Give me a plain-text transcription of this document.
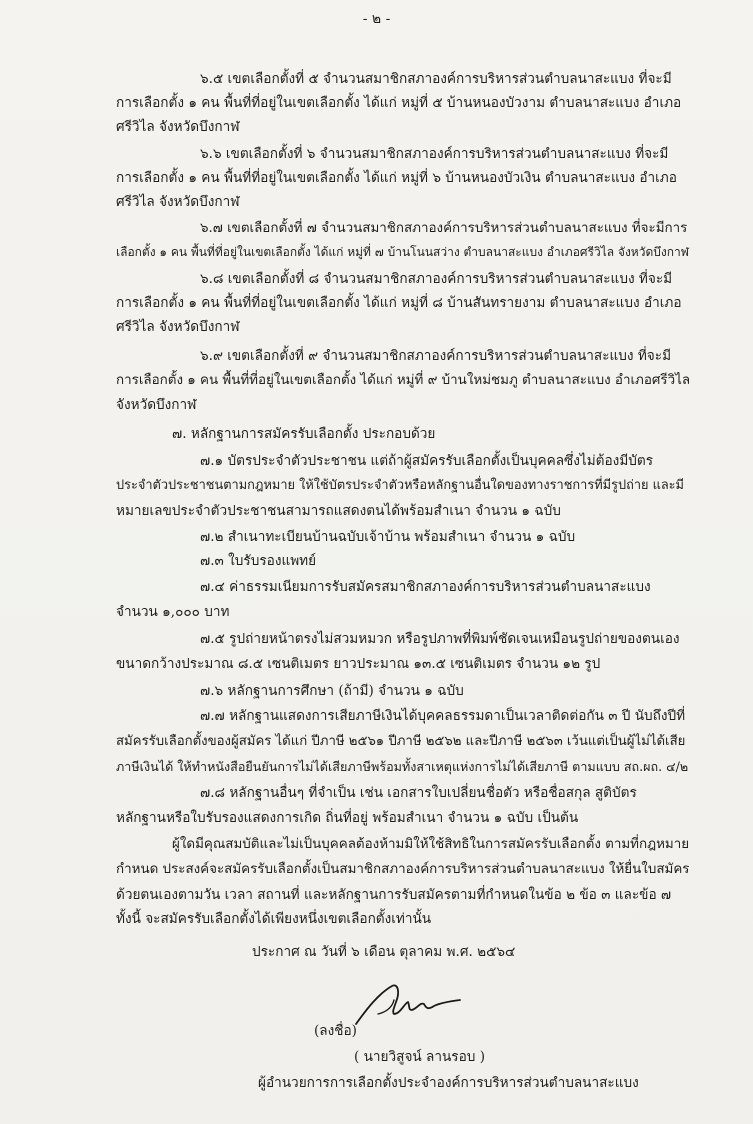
- ๒ -
๖.๕ เขตเลือกตั้งที่ ๕ จำนวนสมาชิกสภาองค์การบริหารส่วนตำบลนาสะแบง ที่จะมี
การเลือกตั้ง ๑ คน พื้นที่ที่อยู่ในเขตเลือกตั้ง ได้แก่ หมู่ที่ ๕ บ้านหนองบัวงาม ตำบลนาสะแบง อำเภอ
ศรีวิไล จังหวัดบึงกาฬ
๖.๖ เขตเลือกตั้งที่ ๖ จำนวนสมาชิกสภาองค์การบริหารส่วนตำบลนาสะแบง ที่จะมี
การเลือกตั้ง ๑ คน พื้นที่ที่อยู่ในเขตเลือกตั้ง ได้แก่ หมู่ที่ ๖ บ้านหนองบัวเงิน ตำบลนาสะแบง อำเภอ
ศรีวิไล จังหวัดบึงกาฬ
๖.๗ เขตเลือกตั้งที่ ๗ จำนวนสมาชิกสภาองค์การบริหารส่วนตำบลนาสะแบง ที่จะมีการ
เลือกตั้ง ๑ คน พื้นที่ที่อยู่ในเขตเลือกตั้ง ได้แก่ หมู่ที่ ๗ บ้านโนนสว่าง ตำบลนาสะแบง อำเภอศรีวิไล จังหวัดบึงกาฬ
๖.๘ เขตเลือกตั้งที่ ๘ จำนวนสมาชิกสภาองค์การบริหารส่วนตำบลนาสะแบง ที่จะมี
การเลือกตั้ง ๑ คน พื้นที่ที่อยู่ในเขตเลือกตั้ง ได้แก่ หมู่ที่ ๘ บ้านสันทรายงาม ตำบลนาสะแบง อำเภอ
ศรีวิไล จังหวัดบึงกาฬ
๖.๙ เขตเลือกตั้งที่ ๙ จำนวนสมาชิกสภาองค์การบริหารส่วนตำบลนาสะแบง ที่จะมี
การเลือกตั้ง ๑ คน พื้นที่ที่อยู่ในเขตเลือกตั้ง ได้แก่ หมู่ที่ ๙ บ้านใหม่ชมภู ตำบลนาสะแบง อำเภอศรีวิไล
จังหวัดบึงกาฬ
๗. หลักฐานการสมัครรับเลือกตั้ง ประกอบด้วย
๗.๑ บัตรประจำตัวประชาชน แต่ถ้าผู้สมัครรับเลือกตั้งเป็นบุคคลซึ่งไม่ต้องมีบัตร
ประจำตัวประชาชนตามกฎหมาย ให้ใช้บัตรประจำตัวหรือหลักฐานอื่นใดของทางราชการที่มีรูปถ่าย และมี
หมายเลขประจำตัวประชาชนสามารถแสดงตนได้พร้อมสำเนา จำนวน ๑ ฉบับ
๗.๒ สำเนาทะเบียนบ้านฉบับเจ้าบ้าน พร้อมสำเนา จำนวน ๑ ฉบับ
๗.๓ ใบรับรองแพทย์
๗.๔ ค่าธรรมเนียมการรับสมัครสมาชิกสภาองค์การบริหารส่วนตำบลนาสะแบง
จำนวน ๑,๐๐๐ บาท
๗.๕ รูปถ่ายหน้าตรงไม่สวมหมวก หรือรูปภาพที่พิมพ์ชัดเจนเหมือนรูปถ่ายของตนเอง
ขนาดกว้างประมาณ ๘.๕ เซนติเมตร ยาวประมาณ ๑๓.๕ เซนติเมตร จำนวน ๑๒ รูป
๗.๖ หลักฐานการศึกษา (ถ้ามี) จำนวน ๑ ฉบับ
๗.๗ หลักฐานแสดงการเสียภาษีเงินได้บุคคลธรรมดาเป็นเวลาติดต่อกัน ๓ ปี นับถึงปีที่
สมัครรับเลือกตั้งของผู้สมัคร ได้แก่ ปีภาษี ๒๕๖๑ ปีภาษี ๒๕๖๒ และปีภาษี ๒๕๖๓ เว้นแต่เป็นผู้ไม่ได้เสีย
ภาษีเงินได้ ให้ทำหนังสือยืนยันการไม่ได้เสียภาษีพร้อมทั้งสาเหตุแห่งการไม่ได้เสียภาษี ตามแบบ สถ.ผถ. ๔/๒
๗.๘ หลักฐานอื่นๆ ที่จำเป็น เช่น เอกสารใบเปลี่ยนชื่อตัว หรือชื่อสกุล สูติบัตร
หลักฐานหรือใบรับรองแสดงการเกิด ถิ่นที่อยู่ พร้อมสำเนา จำนวน ๑ ฉบับ เป็นต้น
ผู้ใดมีคุณสมบัติและไม่เป็นบุคคลต้องห้ามมิให้ใช้สิทธิในการสมัครรับเลือกตั้ง ตามที่กฎหมาย
กำหนด ประสงค์จะสมัครรับเลือกตั้งเป็นสมาชิกสภาองค์การบริหารส่วนตำบลนาสะแบง ให้ยื่นใบสมัคร
ด้วยตนเองตามวัน เวลา สถานที่ และหลักฐานการรับสมัครตามที่กำหนดในข้อ ๒ ข้อ ๓ และข้อ ๗
ทั้งนี้ จะสมัครรับเลือกตั้งได้เพียงหนึ่งเขตเลือกตั้งเท่านั้น
ประกาศ ณ วันที่ ๖ เดือน ตุลาคม พ.ศ. ๒๕๖๔
(ลงชื่อ)
( นายวิสูจน์ ลานรอบ )
ผู้อำนวยการการเลือกตั้งประจำองค์การบริหารส่วนตำบลนาสะแบง
